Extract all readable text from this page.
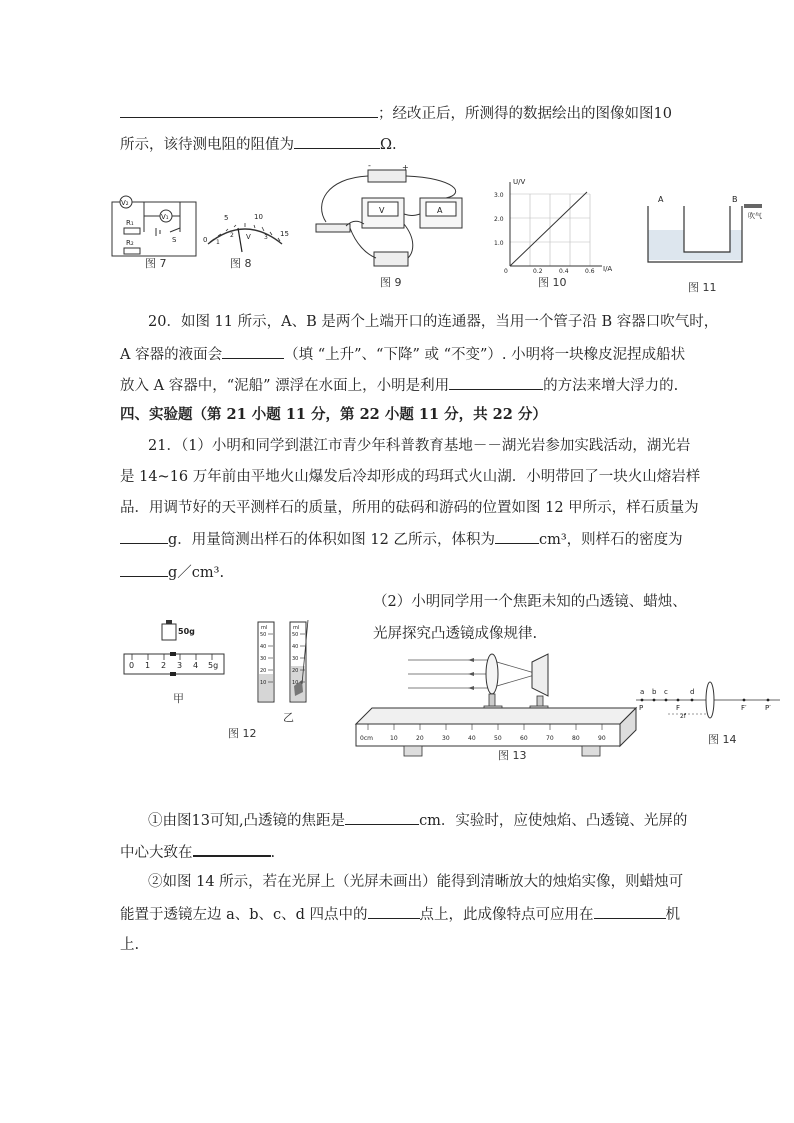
；经改正后，所测得的数据绘出的图像如图10
所示，该待测电阻的阻值为	Ω.
V₂
V₁
R₁
R₂	S
图 7
0
5	10
15
1
2 V 3
图 8
-	+
V	A
图 9
U/V
I/A
3.0
2.0
1.0
0	0.2	0.4	0.6
图 10
A	B
吹气
图 11
20．如图 11 所示，A、B 是两个上端开口的连通器，当用一个管子沿 B 容器口吹气时，
A 容器的液面会	（填 “上升”、“下降” 或 “不变”）. 小明将一块橡皮泥捏成船状
放入 A 容器中，“泥船” 漂浮在水面上，小明是利用	的方法来增大浮力的.
四、实验题（第 21 小题 11 分，第 22 小题 11 分，共 22 分）
21．（1）小明和同学到湛江市青少年科普教育基地－－湖光岩参加实践活动，湖光岩
是 14~16 万年前由平地火山爆发后冷却形成的玛珥式火山湖．小明带回了一块火山熔岩样
品．用调节好的天平测样石的质量，所用的砝码和游码的位置如图 12 甲所示，样石质量为
g．用量筒测出样石的体积如图 12 乙所示，体积为	cm³，则样石的密度为
g／cm³.
（2）小明同学用一个焦距未知的凸透镜、蜡烛、
光屏探究凸透镜成像规律.
50g
0 1 2 3 4 5g
甲
ml	ml
50
40
30
20
10
50
40
30
20
10
乙
图 12	0cm	10	20	30	40	50	60	70	80	90
图 13
a b c	d
P	F	F′	P′
2f
图 14
①由图13可知,凸透镜的焦距是	cm．实验时，应使烛焰、凸透镜、光屏的
中心大致在	.
②如图 14 所示，若在光屏上（光屏未画出）能得到清晰放大的烛焰实像，则蜡烛可
能置于透镜左边 a、b、c、d 四点中的	点上，此成像特点可应用在	机
上.
